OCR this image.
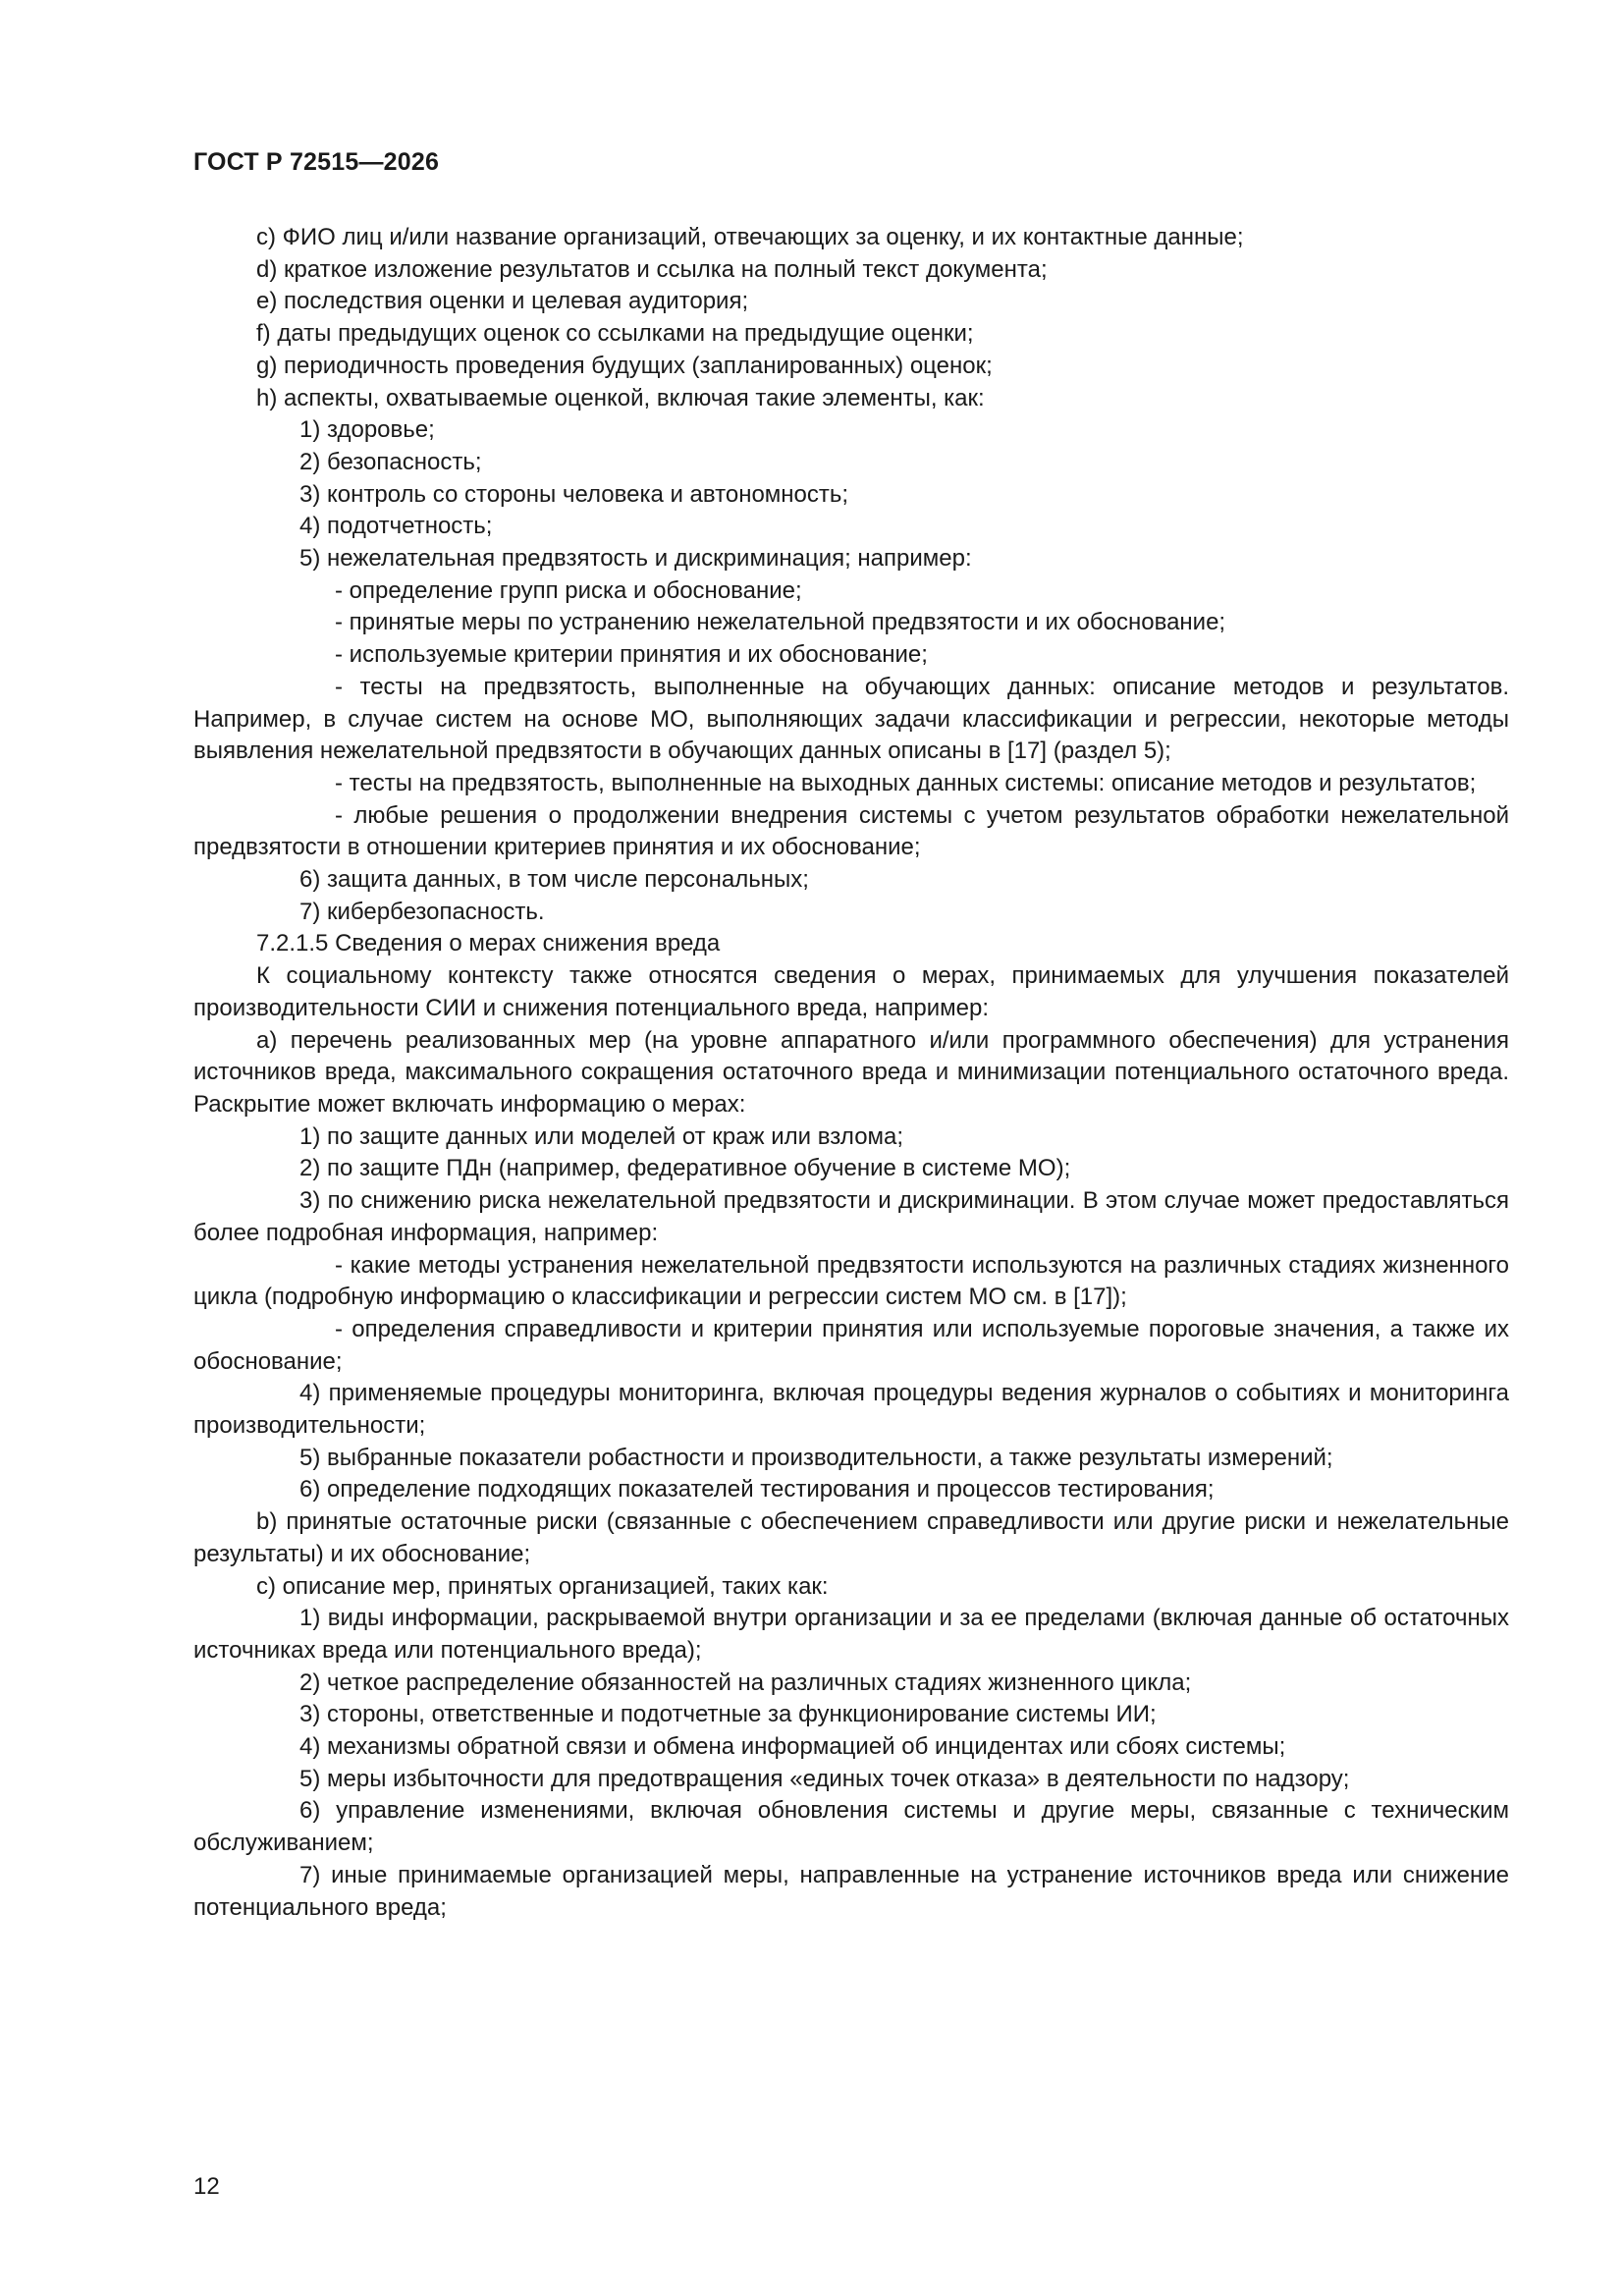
ГОСТ Р 72515—2026

c) ФИО лиц и/или название организаций, отвечающих за оценку, и их контактные данные;

d) краткое изложение результатов и ссылка на полный текст документа;

e) последствия оценки и целевая аудитория;

f) даты предыдущих оценок со ссылками на предыдущие оценки;

g) периодичность проведения будущих (запланированных) оценок;

h) аспекты, охватываемые оценкой, включая такие элементы, как:

1) здоровье;

2) безопасность;

3) контроль со стороны человека и автономность;

4) подотчетность;

5) нежелательная предвзятость и дискриминация; например:

- определение групп риска и обоснование;

- принятые меры по устранению нежелательной предвзятости и их обоснование;

- используемые критерии принятия и их обоснование;

- тесты на предвзятость, выполненные на обучающих данных: описание методов и результатов. Например, в случае систем на основе МО, выполняющих задачи классификации и регрессии, некоторые методы выявления нежелательной предвзятости в обучающих данных описаны в [17] (раздел 5);

- тесты на предвзятость, выполненные на выходных данных системы: описание методов и результатов;

- любые решения о продолжении внедрения системы с учетом результатов обработки нежелательной предвзятости в отношении критериев принятия и их обоснование;

6) защита данных, в том числе персональных;

7) кибербезопасность.

7.2.1.5 Сведения о мерах снижения вреда

К социальному контексту также относятся сведения о мерах, принимаемых для улучшения показателей производительности СИИ и снижения потенциального вреда, например:

a) перечень реализованных мер (на уровне аппаратного и/или программного обеспечения) для устранения источников вреда, максимального сокращения остаточного вреда и минимизации потенциального остаточного вреда. Раскрытие может включать информацию о мерах:

1) по защите данных или моделей от краж или взлома;

2) по защите ПДн (например, федеративное обучение в системе МО);

3) по снижению риска нежелательной предвзятости и дискриминации. В этом случае может предоставляться более подробная информация, например:

- какие методы устранения нежелательной предвзятости используются на различных стадиях жизненного цикла (подробную информацию о классификации и регрессии систем МО см. в [17]);

- определения справедливости и критерии принятия или используемые пороговые значения, а также их обоснование;

4) применяемые процедуры мониторинга, включая процедуры ведения журналов о событиях и мониторинга производительности;

5) выбранные показатели робастности и производительности, а также результаты измерений;

6) определение подходящих показателей тестирования и процессов тестирования;

b) принятые остаточные риски (связанные с обеспечением справедливости или другие риски и нежелательные результаты) и их обоснование;

c) описание мер, принятых организацией, таких как:

1) виды информации, раскрываемой внутри организации и за ее пределами (включая данные об остаточных источниках вреда или потенциального вреда);

2) четкое распределение обязанностей на различных стадиях жизненного цикла;

3) стороны, ответственные и подотчетные за функционирование системы ИИ;

4) механизмы обратной связи и обмена информацией об инцидентах или сбоях системы;

5) меры избыточности для предотвращения «единых точек отказа» в деятельности по надзору;

6) управление изменениями, включая обновления системы и другие меры, связанные с техническим обслуживанием;

7) иные принимаемые организацией меры, направленные на устранение источников вреда или снижение потенциального вреда;

12
